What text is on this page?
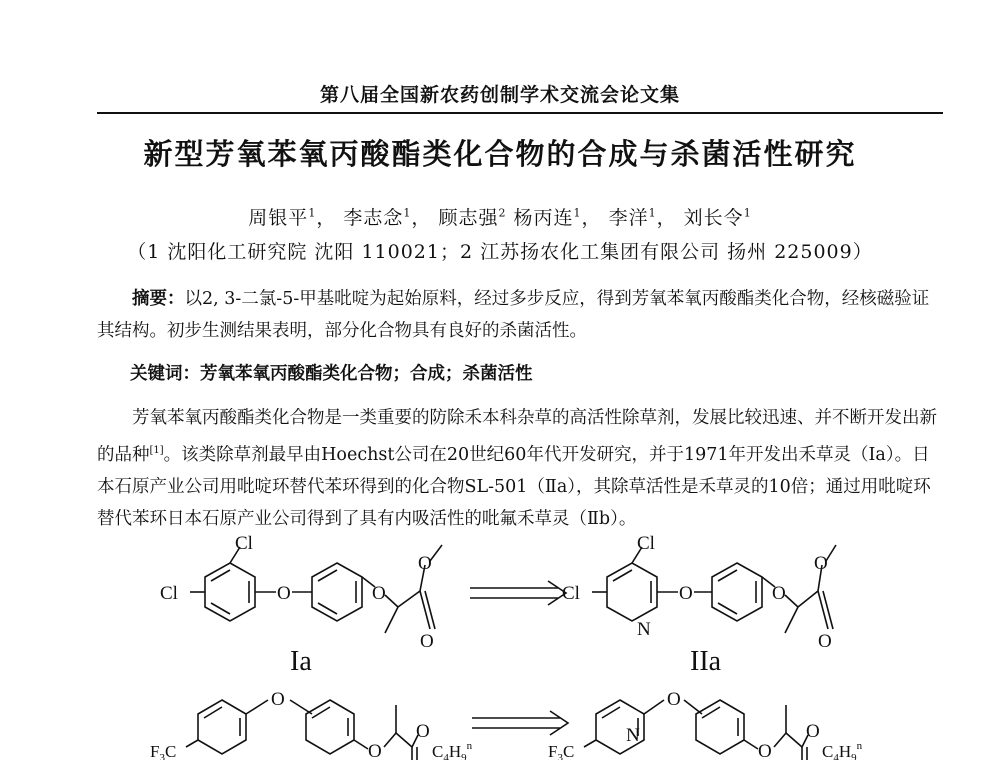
第八届全国新农药创制学术交流会论文集
新型芳氧苯氧丙酸酯类化合物的合成与杀菌活性研究
周银平$^1$， 李志念$^1$， 顾志强$^2$ 杨丙连$^1$， 李洋$^1$， 刘长令$^1$
（1 沈阳化工研究院 沈阳 110021；2 江苏扬农化工集团有限公司 扬州 225009）
摘要：以2, 3-二氯-5-甲基吡啶为起始原料，经过多步反应，得到芳氧苯氧丙酸酯类化合物，经核磁验证其结构。初步生测结果表明，部分化合物具有良好的杀菌活性。
关键词：芳氧苯氧丙酸酯类化合物；合成；杀菌活性
芳氧苯氧丙酸酯类化合物是一类重要的防除禾本科杂草的高活性除草剂，发展比较迅速、并不断开发出新的品种[1]。该类除草剂最早由Hoechst公司在20世纪60年代开发研究，并于1971年开发出禾草灵（Ⅰa）。日本石原产业公司用吡啶环替代苯环得到的化合物SL-501（Ⅱa），其除草活性是禾草灵的10倍；通过用吡啶环替代苯环日本石原产业公司得到了具有内吸活性的吡氟禾草灵（Ⅱb）。
Cl
Cl	O	O
O
O
Cl
Cl
N
O	O
O
O
O
O
O
$F_3C$	$C_4H_9^n$
O
N
O
O
$F_3C$	$C_4H_9^n$
Ia	IIa
